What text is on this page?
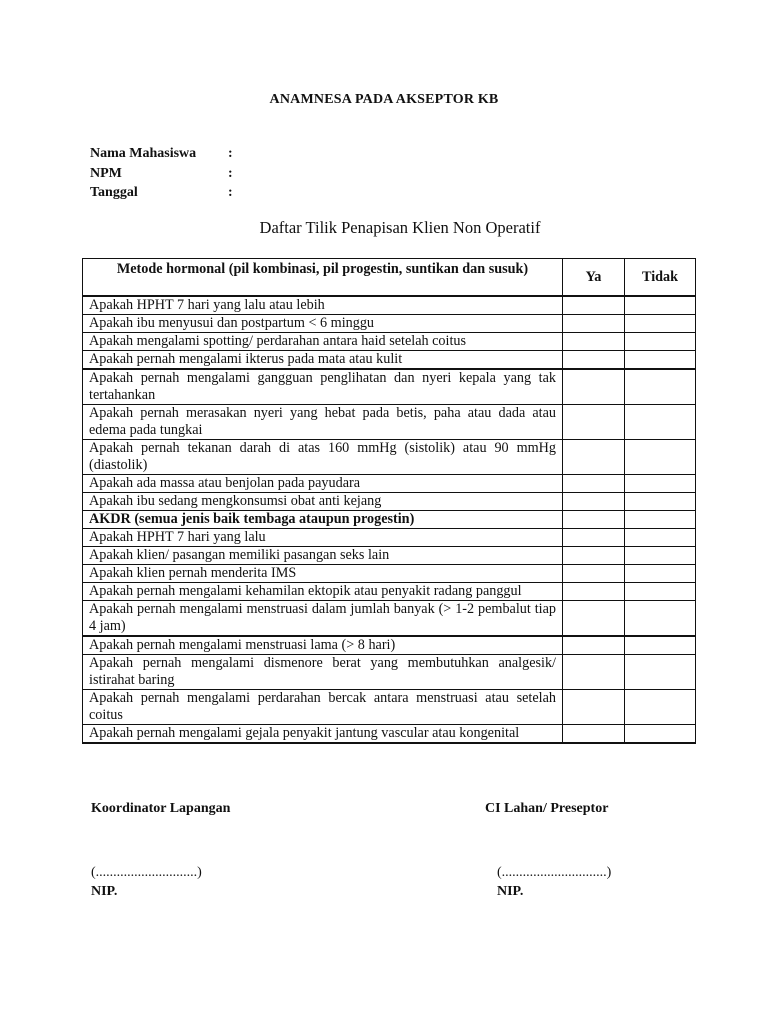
ANAMNESA PADA AKSEPTOR KB
Nama Mahasiswa	:
NPM	:
Tanggal	:
Daftar Tilik Penapisan Klien Non Operatif
Metode hormonal (pil kombinasi, pil progestin, suntikan dan susuk)	Ya	Tidak
Apakah HPHT 7 hari yang lalu atau lebih		
Apakah ibu menyusui dan postpartum < 6 minggu		
Apakah mengalami spotting/ perdarahan antara haid setelah coitus		
Apakah pernah mengalami ikterus pada mata atau kulit		
Apakah pernah mengalami gangguan penglihatan dan nyeri kepala yang tak tertahankan		
Apakah pernah merasakan nyeri yang hebat pada betis, paha atau dada atau edema pada tungkai		
Apakah pernah tekanan darah di atas 160 mmHg (sistolik) atau 90 mmHg (diastolik)		
Apakah ada massa atau benjolan pada payudara		
Apakah ibu sedang mengkonsumsi obat anti kejang		
AKDR (semua jenis baik tembaga ataupun progestin)		
Apakah HPHT 7 hari yang lalu		
Apakah klien/ pasangan memiliki pasangan seks lain		
Apakah klien pernah menderita IMS		
Apakah pernah mengalami kehamilan ektopik atau penyakit radang panggul		
Apakah pernah mengalami menstruasi dalam jumlah banyak (> 1-2 pembalut tiap 4 jam)		
Apakah pernah mengalami menstruasi lama (> 8 hari)		
Apakah pernah mengalami dismenore berat yang membutuhkan analgesik/ istirahat baring		
Apakah pernah mengalami perdarahan bercak antara menstruasi atau setelah coitus		
Apakah pernah mengalami gejala penyakit jantung vascular atau kongenital		
Koordinator Lapangan
(.............................)
NIP.
CI Lahan/ Preseptor
(..............................)
NIP.
